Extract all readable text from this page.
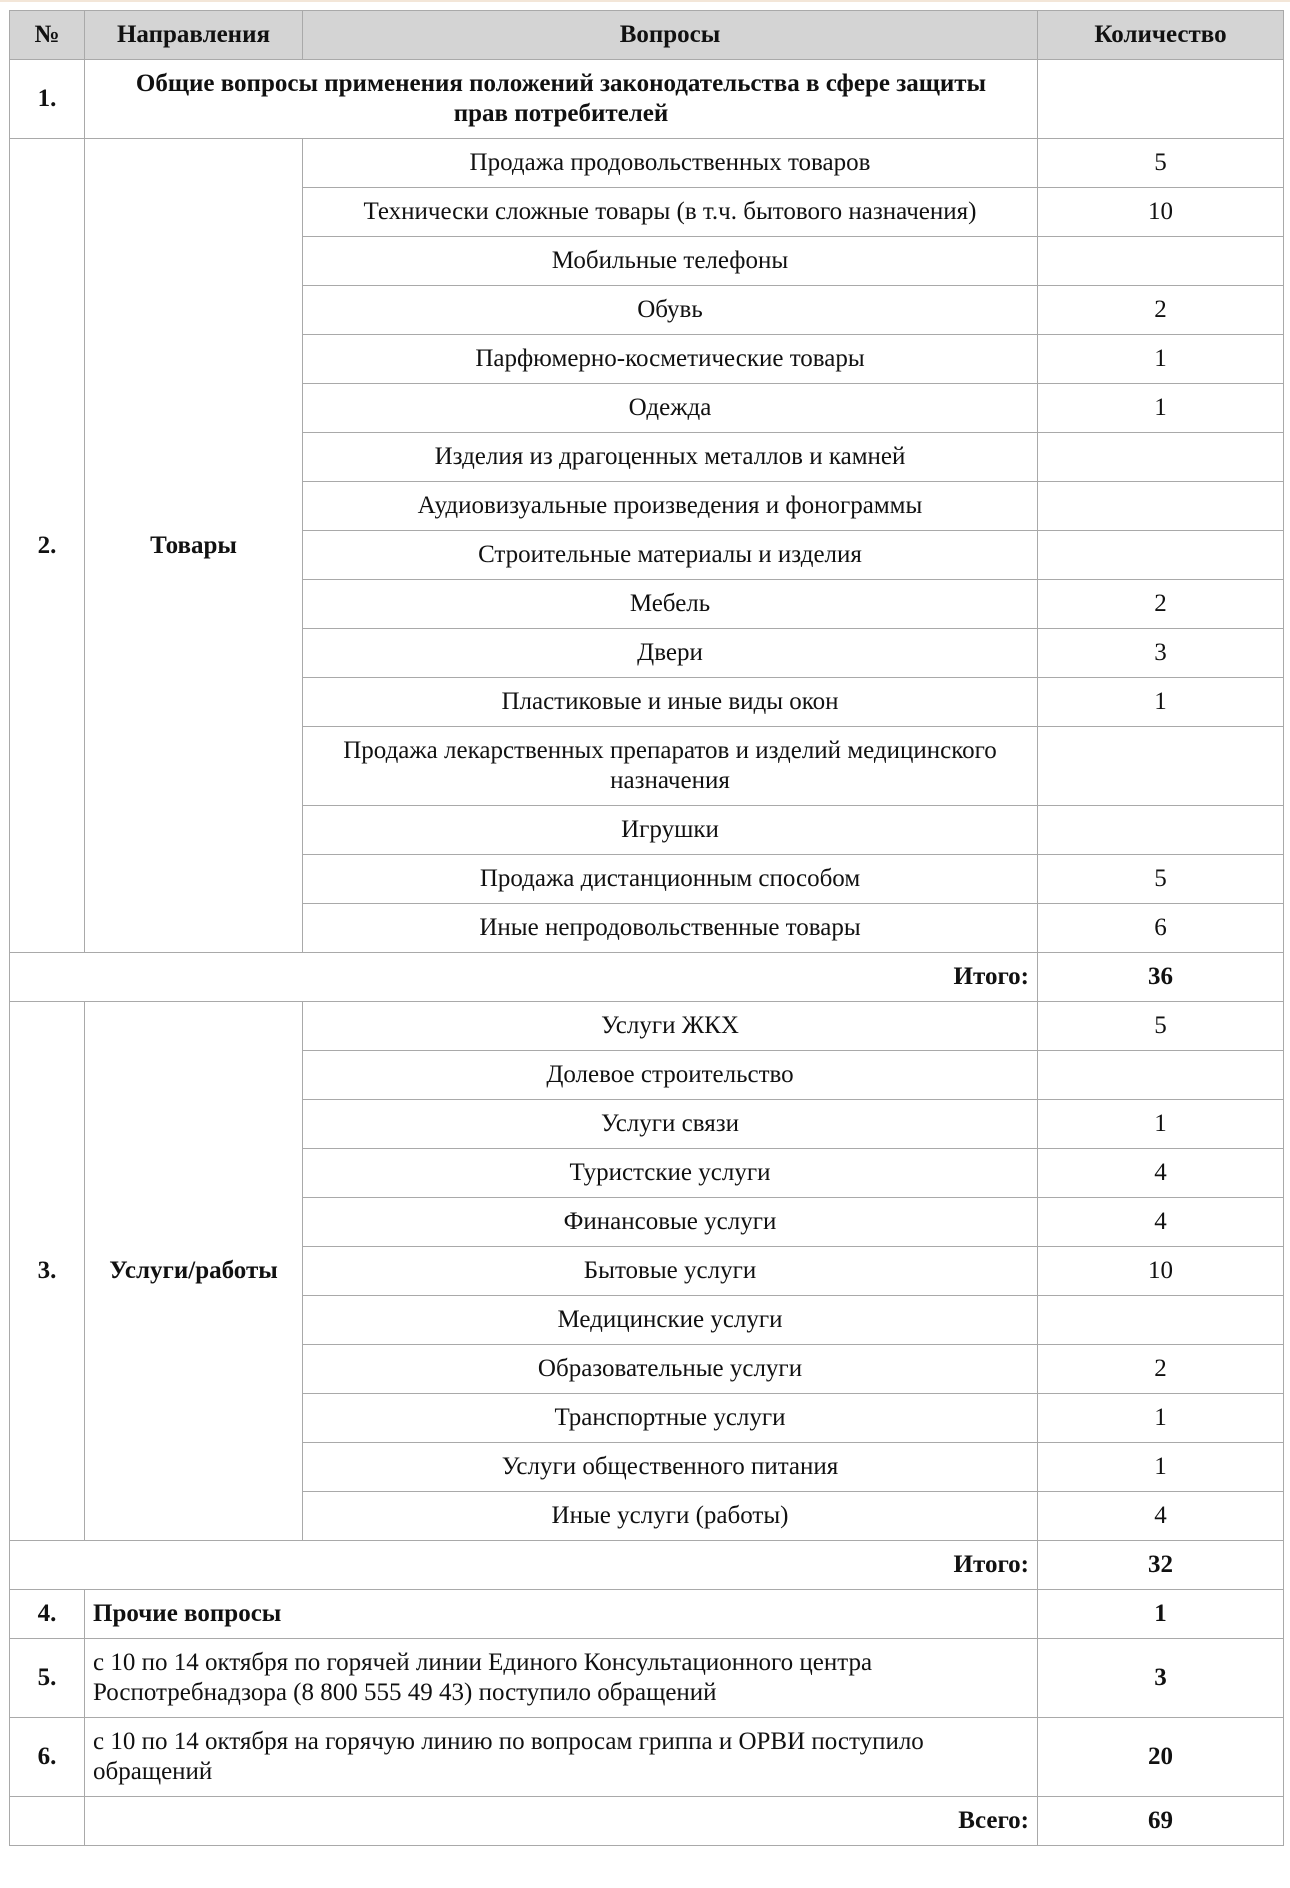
№	Направления	Вопросы	Количество
1.	Общие вопросы применения положений законодательства в сфере защиты прав потребителей		
2.	Товары	Продажа продовольственных товаров	5
		Технически сложные товары (в т.ч. бытового назначения)	10
		Мобильные телефоны	
		Обувь	2
		Парфюмерно-косметические товары	1
		Одежда	1
		Изделия из драгоценных металлов и камней	
		Аудиовизуальные произведения и фонограммы	
		Строительные материалы и изделия	
		Мебель	2
		Двери	3
		Пластиковые и иные виды окон	1
		Продажа лекарственных препаратов и изделий медицинского назначения	
		Игрушки	
		Продажа дистанционным способом	5
		Иные непродовольственные товары	6
Итого:			36
3.	Услуги/работы	Услуги ЖКХ	5
		Долевое строительство	
		Услуги связи	1
		Туристские услуги	4
		Финансовые услуги	4
		Бытовые услуги	10
		Медицинские услуги	
		Образовательные услуги	2
		Транспортные услуги	1
		Услуги общественного питания	1
		Иные услуги (работы)	4
Итого:			32
4.	Прочие вопросы		1
5.	с 10 по 14 октября по горячей линии Единого Консультационного центра Роспотребнадзора (8 800 555 49 43) поступило обращений		3
6.	с 10 по 14 октября на горячую линию по вопросам гриппа и ОРВИ поступило обращений		20
	Всего:		69
